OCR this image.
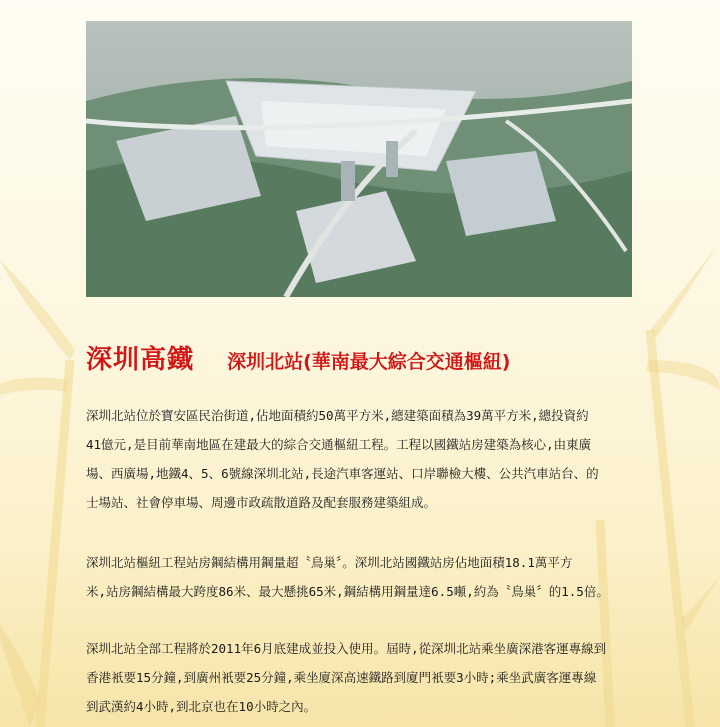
深圳高鐵 深圳北站(華南最大綜合交通樞紐)

深圳北站位於寶安區民治街道,佔地面積約50萬平方米,總建築面積為39萬平方米,總投資約
41億元,是目前華南地區在建最大的綜合交通樞紐工程。工程以國鐵站房建築為核心,由東廣
場、西廣場,地鐵4、5、6號線深圳北站,長途汽車客運站、口岸聯檢大樓、公共汽車站台、的
士場站、社會停車場、周邊市政疏散道路及配套服務建築組成。

深圳北站樞紐工程站房鋼結構用鋼量超〝鳥巢〞。深圳北站國鐵站房佔地面積18.1萬平方
米,站房鋼結構最大跨度86米、最大懸挑65米,鋼結構用鋼量達6.5噸,約為〝鳥巢〞的1.5倍。

深圳北站全部工程將於2011年6月底建成並投入使用。屆時,從深圳北站乘坐廣深港客運專線到
香港衹要15分鐘,到廣州衹要25分鐘,乘坐廈深高速鐵路到廈門衹要3小時;乘坐武廣客運專線
到武漢約4小時,到北京也在10小時之內。
